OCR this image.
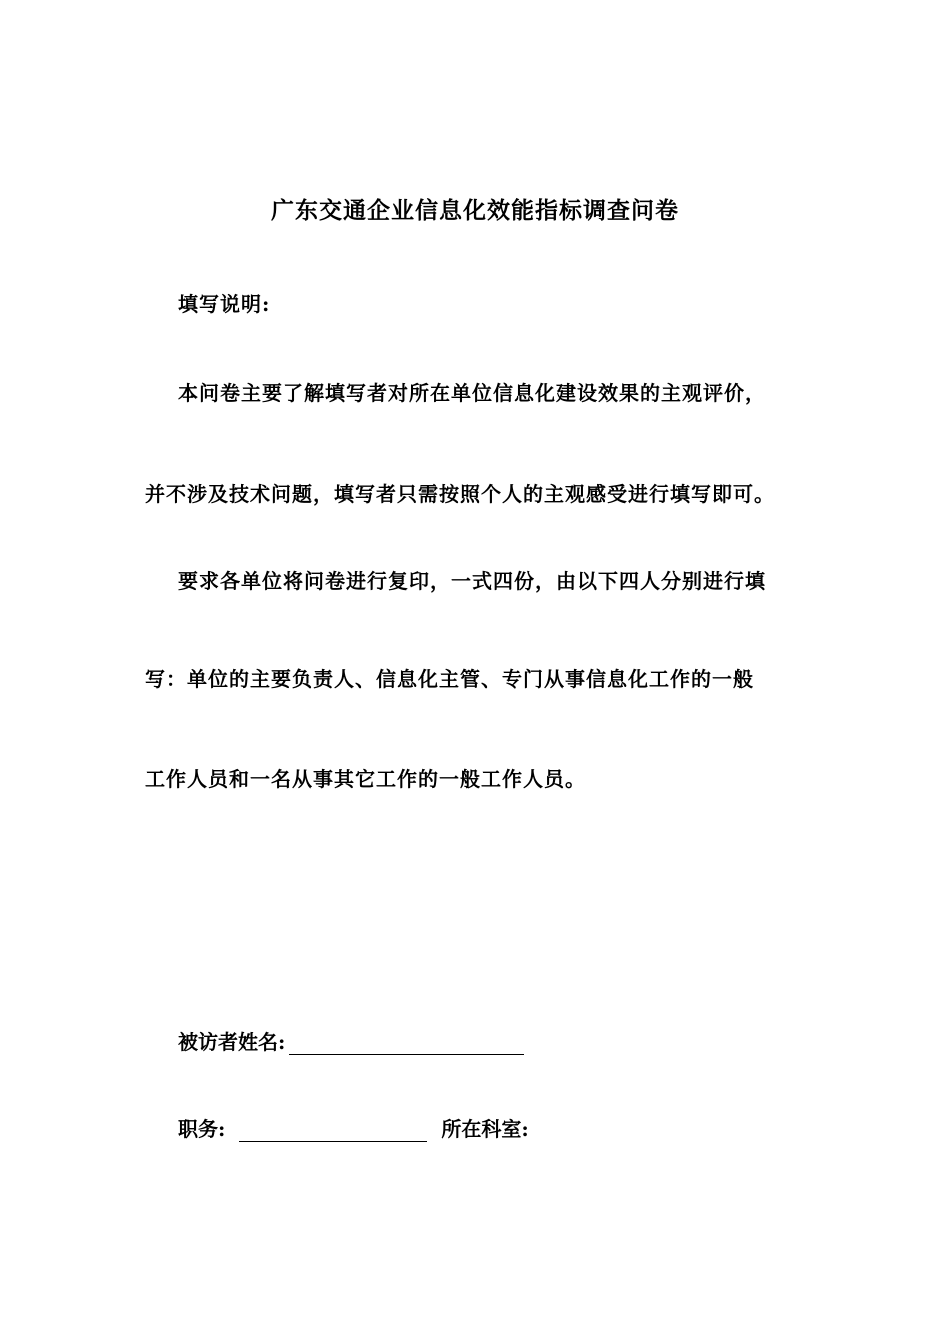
广东交通企业信息化效能指标调查问卷
填写说明:
本问卷主要了解填写者对所在单位信息化建设效果的主观评价，
并不涉及技术问题，填写者只需按照个人的主观感受进行填写即可。
要求各单位将问卷进行复印，一式四份，由以下四人分别进行填
写：单位的主要负责人、信息化主管、专门从事信息化工作的一般
工作人员和一名从事其它工作的一般工作人员。
被访者姓名:
职务:	所在科室:
